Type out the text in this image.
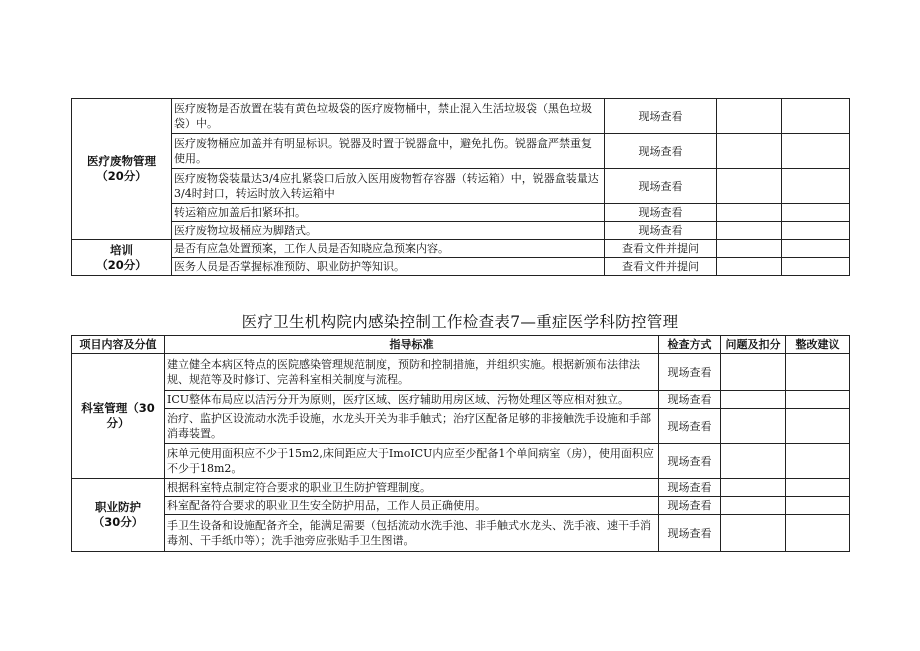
医疗废物管理（20分）	医疗废物是否放置在装有黄色垃圾袋的医疗废物桶中，禁止混入生活垃圾袋（黑色垃圾袋）中。	现场查看		
	医疗废物桶应加盖并有明显标识。锐器及时置于锐器盒中，避免扎伤。锐器盒严禁重复使用。	现场查看		
	医疗废物袋装量达3/4应扎紧袋口后放入医用废物暂存容器（转运箱）中，锐器盒装量达3/4时封口，转运时放入转运箱中	现场查看		
	转运箱应加盖后扣紧环扣。	现场查看		
	医疗废物垃圾桶应为脚踏式。	现场查看		

培训
（20分）	是否有应急处置预案，工作人员是否知晓应急预案内容。	查看文件并提问		
	医务人员是否掌握标准预防、职业防护等知识。	查看文件并提问		
医疗卫生机构院内感染控制工作检查表7—重症医学科防控管理
项目内容及分值	指导标准	检查方式	问题及扣分	整改建议
科室管理（30分）	建立健全本病区特点的医院感染管理规范制度，预防和控制措施，并组织实施。根据新颁布法律法规、规范等及时修订、完善科室相关制度与流程。	现场查看		
	ICU整体布局应以洁污分开为原则，医疗区域、医疗辅助用房区域、污物处理区等应相对独立。	现场查看		
	治疗、监护区设流动水洗手设施，水龙头开关为非手触式；治疗区配备足够的非接触洗手设施和手部消毒装置。	现场查看		
	床单元使用面积应不少于15m2,床间距应大于ImoICU内应至少配备1个单间病室（房），使用面积应不少于18m2。	现场查看		

职业防护
（30分）	根据科室特点制定符合要求的职业卫生防护管理制度。	现场查看		
	科室配备符合要求的职业卫生安全防护用品，工作人员正确使用。	现场查看		
	手卫生设备和设施配备齐全，能满足需要（包括流动水洗手池、非手触式水龙头、洗手液、速干手消毒剂、干手纸巾等）；洗手池旁应张贴手卫生图谱。	现场查看		
